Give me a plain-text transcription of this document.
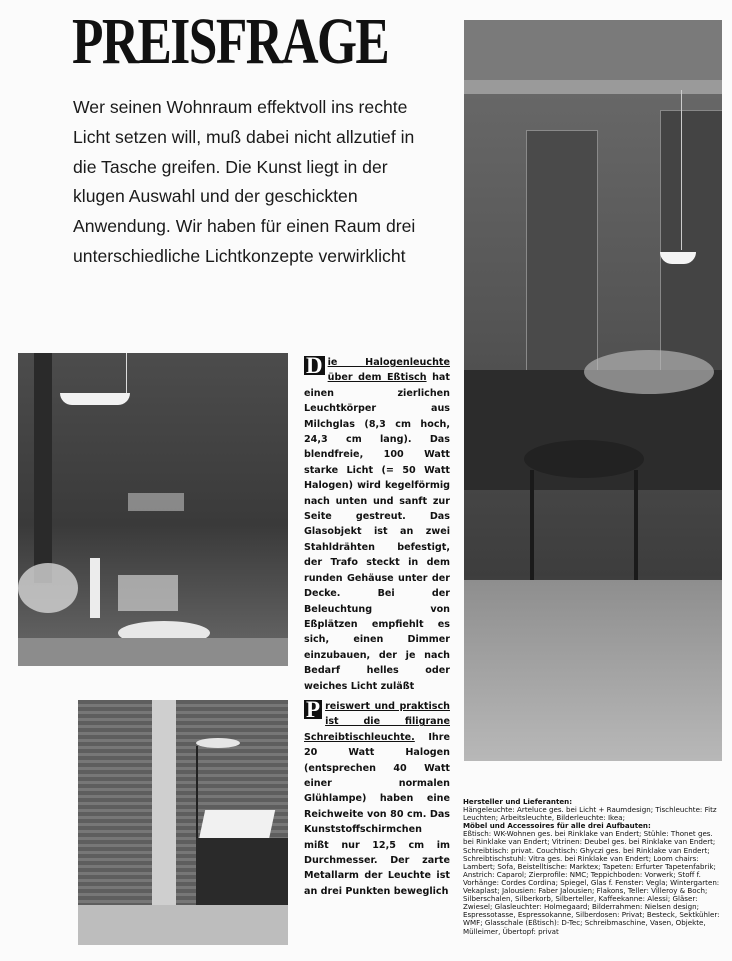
PREISFRAGE
Wer seinen Wohnraum effektvoll ins rechte Licht setzen will, muß dabei nicht allzutief in die Tasche greifen. Die Kunst liegt in der klugen Auswahl und der geschickten Anwendung. Wir haben für einen Raum drei unterschiedliche Lichtkonzepte verwirklicht
D ie Halogenleuchte über dem Eßtisch hat einen zierlichen Leuchtkörper aus Milchglas (8,3 cm hoch, 24,3 cm lang). Das blendfreie, 100 Watt starke Licht (= 50 Watt Halogen) wird kegelförmig nach unten und sanft zur Seite gestreut. Das Glasobjekt ist an zwei Stahldrähten befestigt, der Trafo steckt in dem runden Gehäuse unter der Decke. Bei der Beleuchtung von Eßplätzen empfiehlt es sich, einen Dimmer einzubauen, der je nach Bedarf helles oder weiches Licht zuläßt
P reiswert und praktisch ist die filigrane Schreibtischleuchte. Ihre 20 Watt Halogen (entsprechen 40 Watt einer normalen Glühlampe) haben eine Reichweite von 80 cm. Das Kunststoffschirmchen mißt nur 12,5 cm im Durchmesser. Der zarte Metallarm der Leuchte ist an drei Punkten beweglich
Hersteller und Lieferanten:

Hängeleuchte: Arteluce ges. bei Licht + Raumdesign; Tischleuchte: Fitz Leuchten; Arbeitsleuchte, Bilderleuchte: Ikea;

Möbel und Accessoires für alle drei Aufbauten:

Eßtisch: WK-Wohnen ges. bei Rinklake van Endert; Stühle: Thonet ges. bei Rinklake van Endert; Vitrinen: Deubel ges. bei Rinklake van Endert; Schreibtisch: privat. Couchtisch: Ghyczi ges. bei Rinklake van Endert; Schreibtischstuhl: Vitra ges. bei Rinklake van Endert; Loom chairs: Lambert; Sofa, Beistelltische: Marktex; Tapeten: Erfurter Tapetenfabrik; Anstrich: Caparol; Zierprofile: NMC; Teppichboden: Vorwerk; Stoff f. Vorhänge: Cordes Cordina; Spiegel, Glas f. Fenster: Vegla; Wintergarten: Vekaplast; Jalousien: Faber Jalousien; Flakons, Teller: Villeroy & Boch; Silberschalen, Silberkorb, Silberteller, Kaffeekanne: Alessi; Gläser: Zwiesel; Glasleuchter: Holmegaard; Bilderrahmen: Nielsen design; Espressotasse, Espressokanne, Silberdosen: Privat; Besteck, Sektkühler: WMF; Glasschale (Eßtisch): D-Tec; Schreibmaschine, Vasen, Objekte, Mülleimer, Übertopf: privat
